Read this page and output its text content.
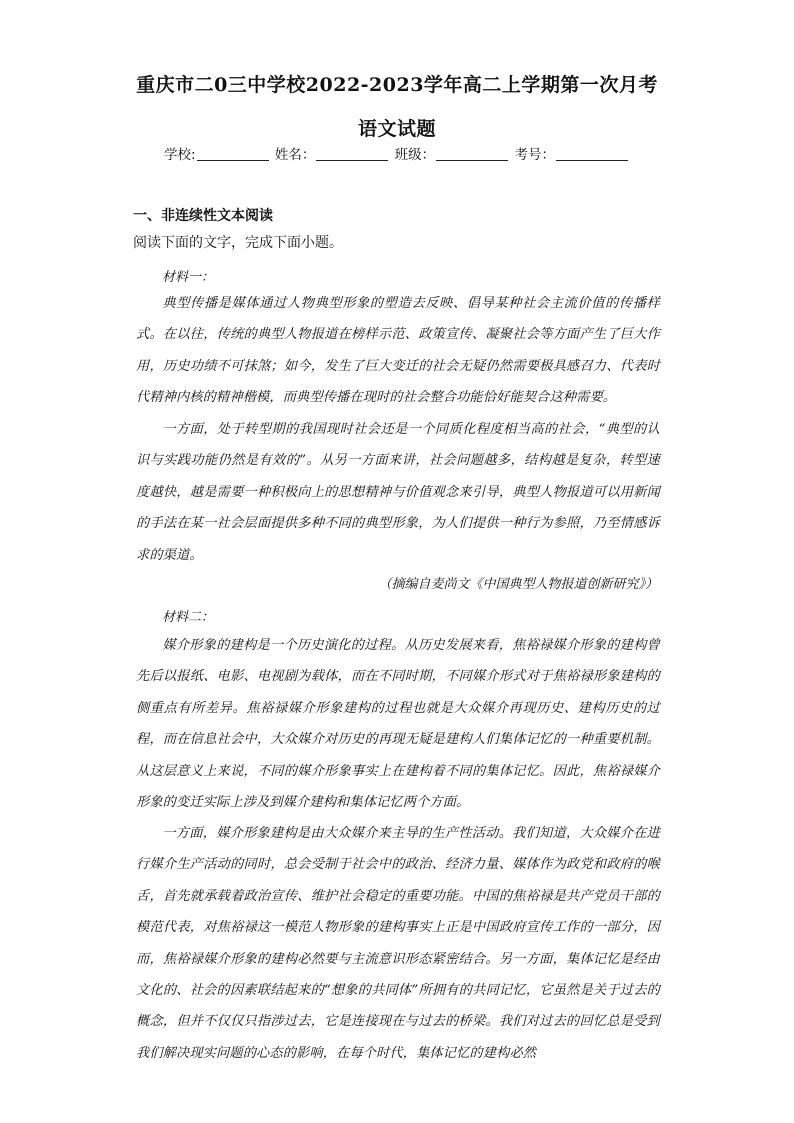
重庆市二0三中学校2022-2023学年高二上学期第一次月考
语文试题
学校:	姓名：	班级：	考号：
一、非连续性文本阅读
阅读下面的文字，完成下面小题。
材料一：

典型传播是媒体通过人物典型形象的塑造去反映、倡导某种社会主流价值的传播样式。在以往，传统的典型人物报道在榜样示范、政策宣传、凝聚社会等方面产生了巨大作用，历史功绩不可抹煞；如今，发生了巨大变迁的社会无疑仍然需要极具感召力、代表时代精神内核的精神楷模，而典型传播在现时的社会整合功能恰好能契合这种需要。

一方面，处于转型期的我国现时社会还是一个同质化程度相当高的社会，“典型的认识与实践功能仍然是有效的”。从另一方面来讲，社会问题越多，结构越是复杂，转型速度越快，越是需要一种积极向上的思想精神与价值观念来引导，典型人物报道可以用新闻的手法在某一社会层面提供多种不同的典型形象，为人们提供一种行为参照，乃至情感诉求的渠道。

（摘编自麦尚文《中国典型人物报道创新研究》）
材料二：

媒介形象的建构是一个历史演化的过程。从历史发展来看，焦裕禄媒介形象的建构曾先后以报纸、电影、电视剧为载体，而在不同时期，不同媒介形式对于焦裕禄形象建构的侧重点有所差异。焦裕禄媒介形象建构的过程也就是大众媒介再现历史、建构历史的过程，而在信息社会中，大众媒介对历史的再现无疑是建构人们集体记忆的一种重要机制。从这层意义上来说，不同的媒介形象事实上在建构着不同的集体记忆。因此，焦裕禄媒介形象的变迁实际上涉及到媒介建构和集体记忆两个方面。

一方面，媒介形象建构是由大众媒介来主导的生产性活动。我们知道，大众媒介在进行媒介生产活动的同时，总会受制于社会中的政治、经济力量、媒体作为政党和政府的喉舌，首先就承载着政治宣传、维护社会稳定的重要功能。中国的焦裕禄是共产党员干部的模范代表，对焦裕禄这一模范人物形象的建构事实上正是中国政府宣传工作的一部分，因而，焦裕禄媒介形象的建构必然要与主流意识形态紧密结合。另一方面，集体记忆是经由文化的、社会的因素联结起来的“想象的共同体”所拥有的共同记忆，它虽然是关于过去的概念，但并不仅仅只指涉过去，它是连接现在与过去的桥梁。我们对过去的回忆总是受到我们解决现实问题的心态的影响，在每个时代，集体记忆的建构必然
